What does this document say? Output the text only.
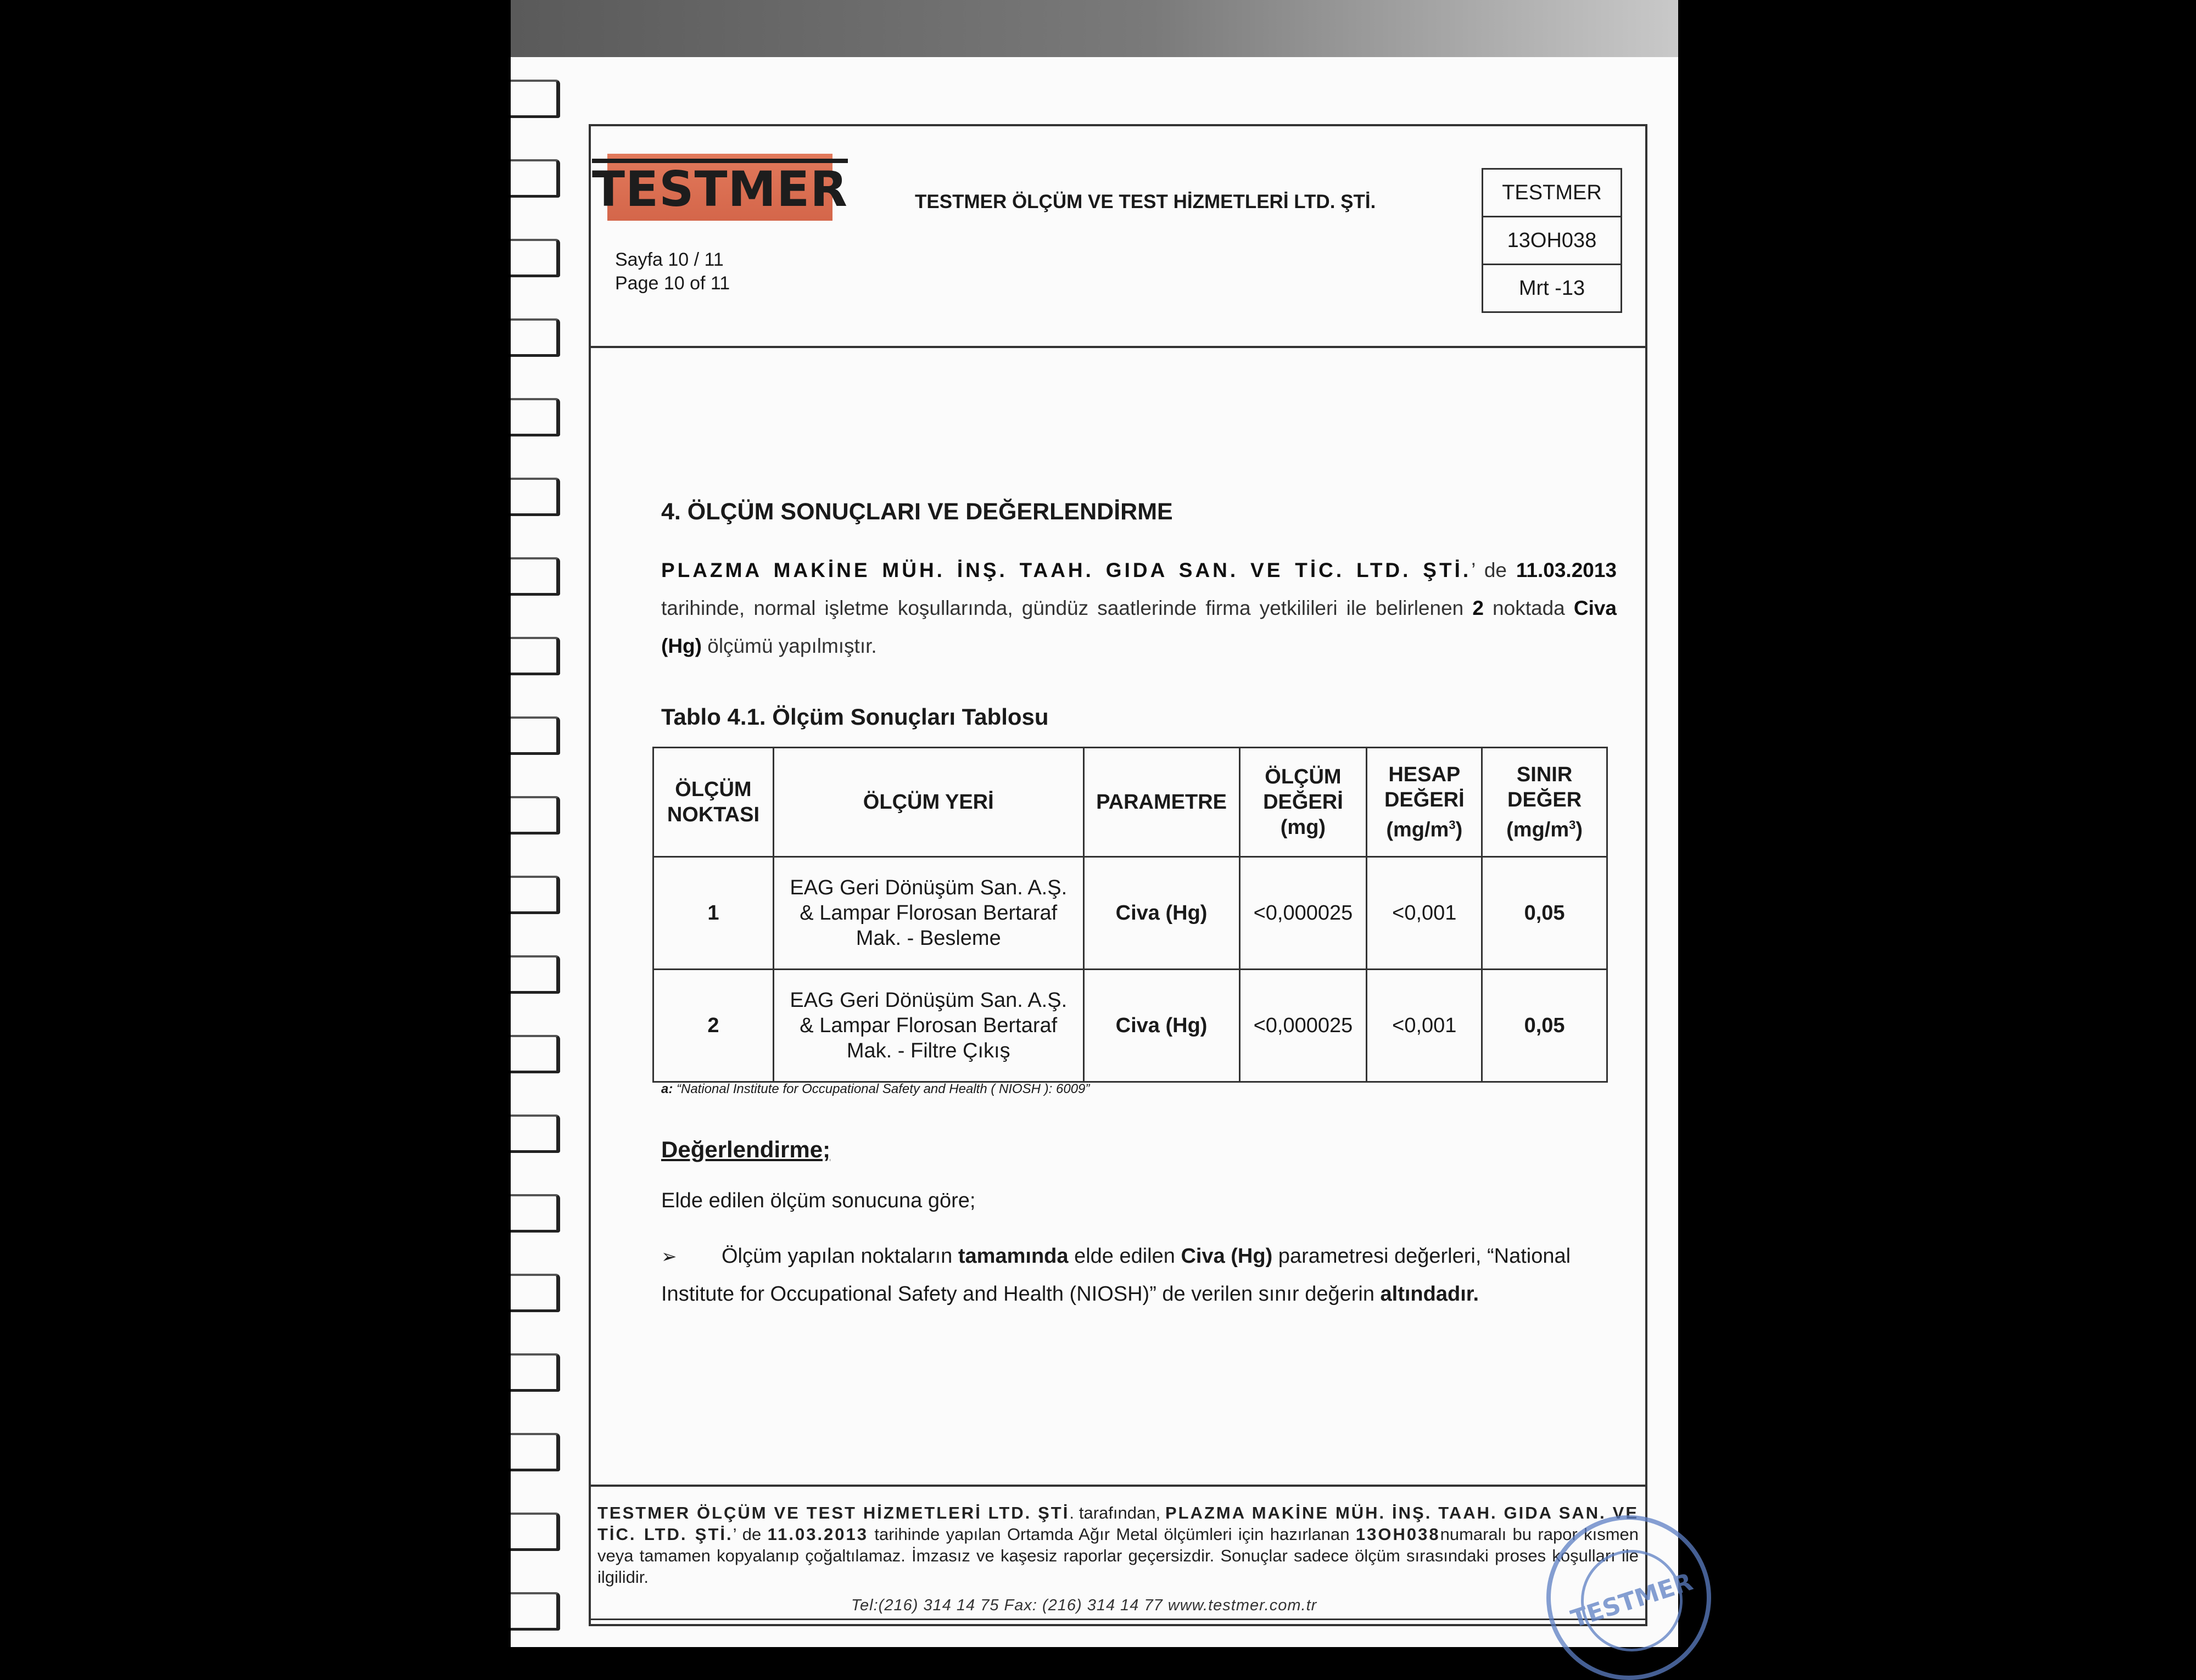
TESTMER
Sayfa 10 / 11
Page 10 of 11
TESTMER ÖLÇÜM VE TEST HİZMETLERİ LTD. ŞTİ.	TESTMER
13OH038
Mrt -13
4. ÖLÇÜM SONUÇLARI VE DEĞERLENDİRME
PLAZMA MAKİNE MÜH. İNŞ. TAAH. GIDA SAN. VE TİC. LTD. ŞTİ.’ de 11.03.2013 tarihinde, normal işletme koşullarında, gündüz saatlerinde firma yetkilileri ile belirlenen 2 noktada Civa (Hg) ölçümü yapılmıştır.
Tablo 4.1. Ölçüm Sonuçları Tablosu
ÖLÇÜM
NOKTASI	ÖLÇÜM YERİ	PARAMETRE	ÖLÇÜM
DEĞERİ
(mg)	HESAP
DEĞERİ
$(mg/m^3)$	SINIR
DEĞER
$(mg/m^3)$
1	EAG Geri Dönüşüm San. A.Ş.
& Lampar Florosan Bertaraf
Mak. - Besleme	Civa (Hg)	<0,000025	<0,001	0,05
2	EAG Geri Dönüşüm San. A.Ş.
& Lampar Florosan Bertaraf
Mak. - Filtre Çıkış	Civa (Hg)	<0,000025	<0,001	0,05
a: “National Institute for Occupational Safety and Health ( NIOSH ): 6009”
Değerlendirme;
Elde edilen ölçüm sonucuna göre;
➢ Ölçüm yapılan noktaların tamamında elde edilen Civa (Hg) parametresi değerleri, “National Institute for Occupational Safety and Health (NIOSH)” de verilen sınır değerin altındadır.
TESTMER ÖLÇÜM VE TEST HİZMETLERİ LTD. ŞTİ. tarafından, PLAZMA MAKİNE MÜH. İNŞ. TAAH. GIDA SAN. VE TİC. LTD. ŞTİ.’ de 11.03.2013 tarihinde yapılan Ortamda Ağır Metal ölçümleri için hazırlanan 13OH038numaralı bu rapor kısmen veya tamamen kopyalanıp çoğaltılamaz. İmzasız ve kaşesiz raporlar geçersizdir. Sonuçlar sadece ölçüm sırasındaki proses koşulları ile ilgilidir.
Tel:(216) 314 14 75 Fax: (216) 314 14 77 www.testmer.com.tr	TESTMER
